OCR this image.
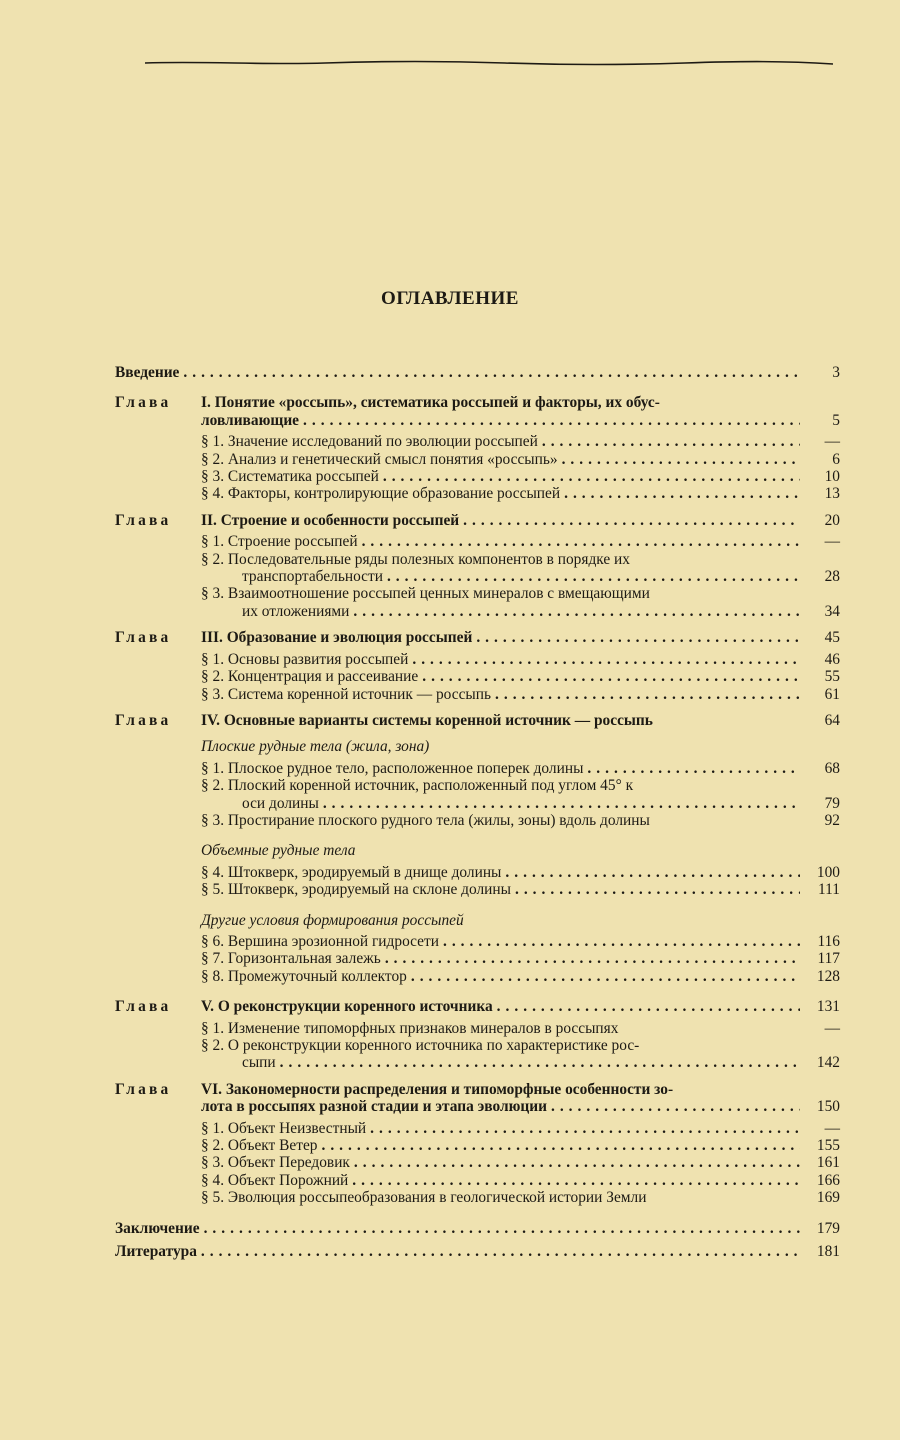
ОГЛАВЛЕНИЕ
Введение .....	3
Глава I. Понятие «россыпь», систематика россыпей и факторы, их обус-
ловливающие .....	5
§ 1. Значение исследований по эволюции россыпей .....	—
§ 2. Анализ и генетический смысл понятия «россыпь» .....	6
§ 3. Систематика россыпей .....	10
§ 4. Факторы, контролирующие образование россыпей .....	13
Глава II. Строение и особенности россыпей .....	20
§ 1. Строение россыпей .....	—
§ 2. Последовательные ряды полезных компонентов в порядке их
транспортабельности .....	28
§ 3. Взаимоотношение россыпей ценных минералов с вмещающими
их отложениями .....	34
Глава III. Образование и эволюция россыпей .....	45
§ 1. Основы развития россыпей .....	46
§ 2. Концентрация и рассеивание .....	55
§ 3. Система коренной источник — россыпь .....	61
Глава IV. Основные варианты системы коренной источник — россыпь	64
Плоские рудные тела (жила, зона)
§ 1. Плоское рудное тело, расположенное поперек долины .....	68
§ 2. Плоский коренной источник, расположенный под углом 45° к
оси долины .....	79
§ 3. Простирание плоского рудного тела (жилы, зоны) вдоль долины	92
Объемные рудные тела
§ 4. Штокверк, эродируемый в днище долины .....	100
§ 5. Штокверк, эродируемый на склоне долины .....	111
Другие условия формирования россыпей
§ 6. Вершина эрозионной гидросети .....	116
§ 7. Горизонтальная залежь .....	117
§ 8. Промежуточный коллектор .....	128
Глава V. О реконструкции коренного источника .....	131
§ 1. Изменение типоморфных признаков минералов в россыпях	—
§ 2. О реконструкции коренного источника по характеристике рос-
сыпи .....	142
Глава VI. Закономерности распределения и типоморфные особенности зо-
лота в россыпях разной стадии и этапа эволюции .....	150
§ 1. Объект Неизвестный .....	—
§ 2. Объект Ветер .....	155
§ 3. Объект Передовик .....	161
§ 4. Объект Порожний .....	166
§ 5. Эволюция россыпеобразования в геологической истории Земли	169
Заключение .....	179
Литература .....	181
